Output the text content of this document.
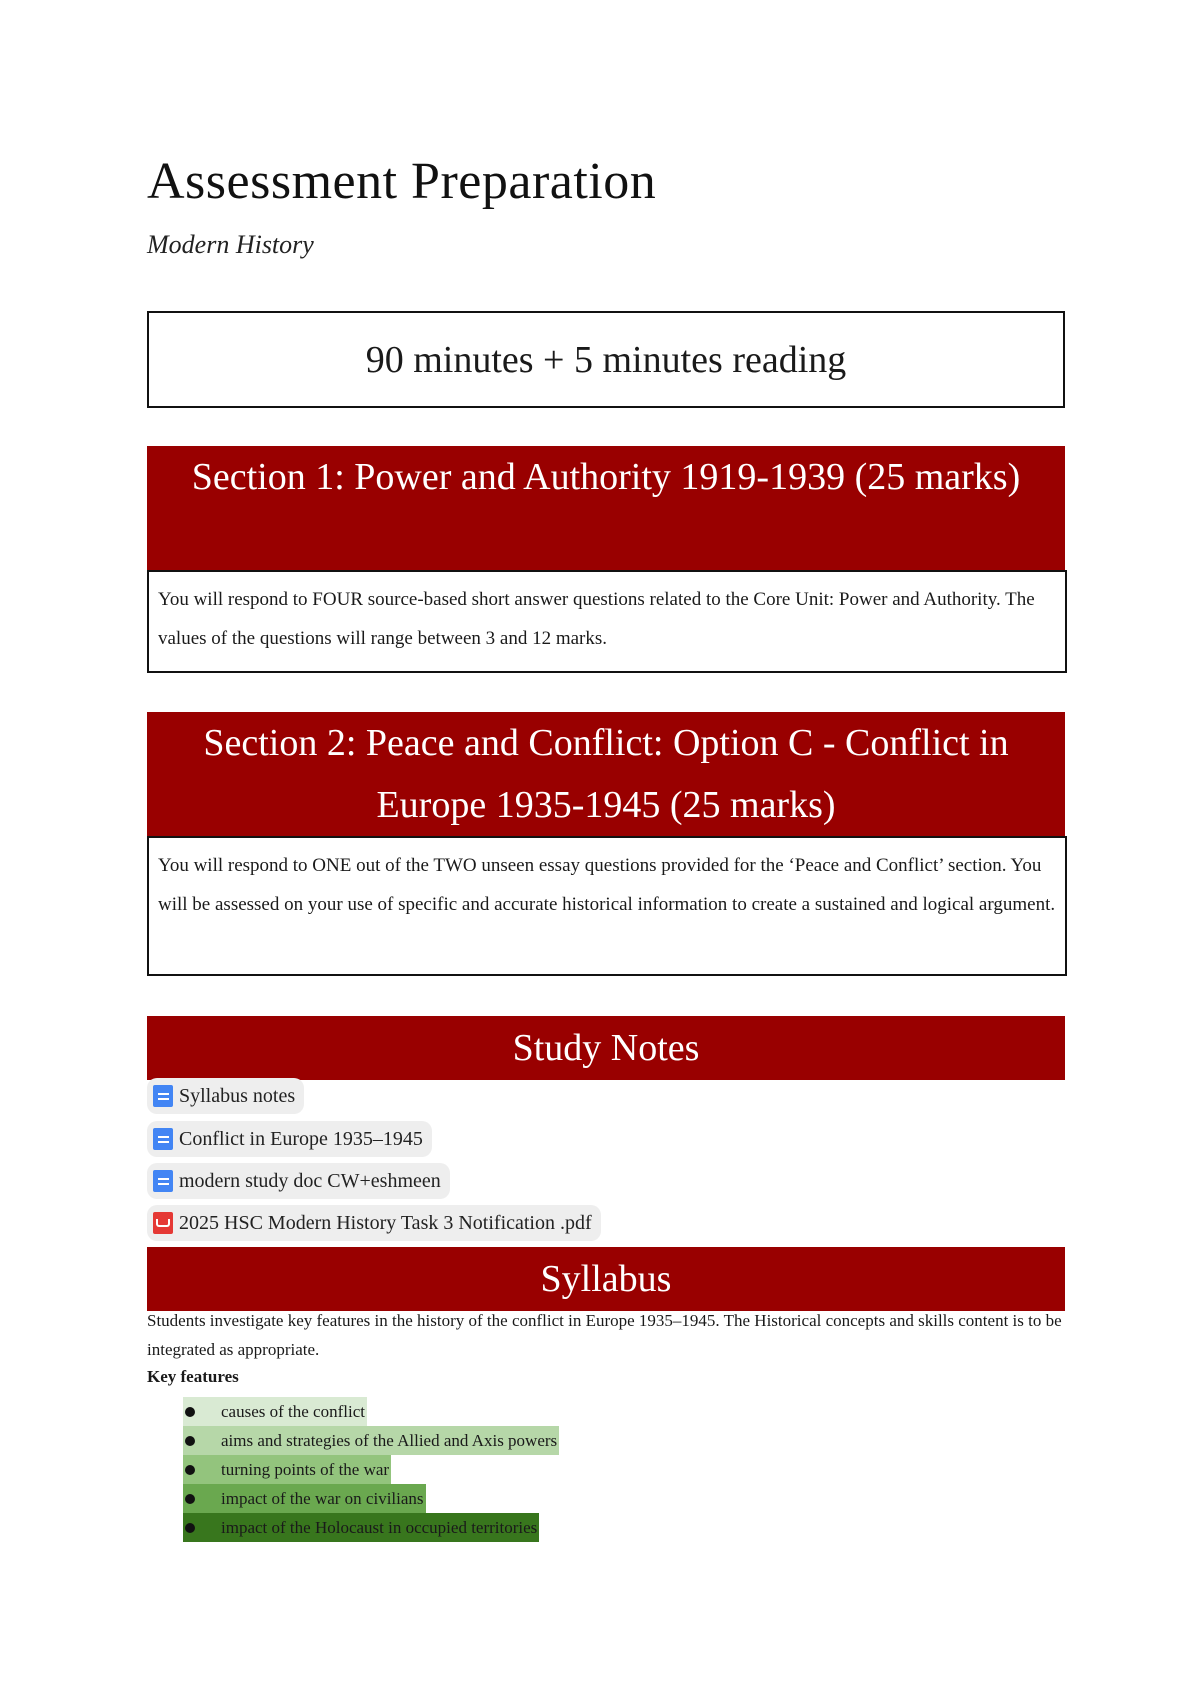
Assessment Preparation
Modern History
90 minutes + 5 minutes reading
Section 1: Power and Authority 1919-1939 (25 marks)
You will respond to FOUR source-based short answer questions related to the Core Unit: Power and Authority. The values of the questions will range between 3 and 12 marks.
Section 2: Peace and Conflict: Option C - Conflict in Europe 1935-1945 (25 marks)
You will respond to ONE out of the TWO unseen essay questions provided for the ‘Peace and Conflict’ section. You will be assessed on your use of specific and accurate historical information to create a sustained and logical argument.
Study Notes
Syllabus notes
Conflict in Europe 1935–1945
modern study doc CW+eshmeen
2025 HSC Modern History Task 3 Notification .pdf
Syllabus
Students investigate key features in the history of the conflict in Europe 1935–1945. The Historical concepts and skills content is to be integrated as appropriate.
Key features
causes of the conflict
aims and strategies of the Allied and Axis powers
turning points of the war
impact of the war on civilians
impact of the Holocaust in occupied territories
